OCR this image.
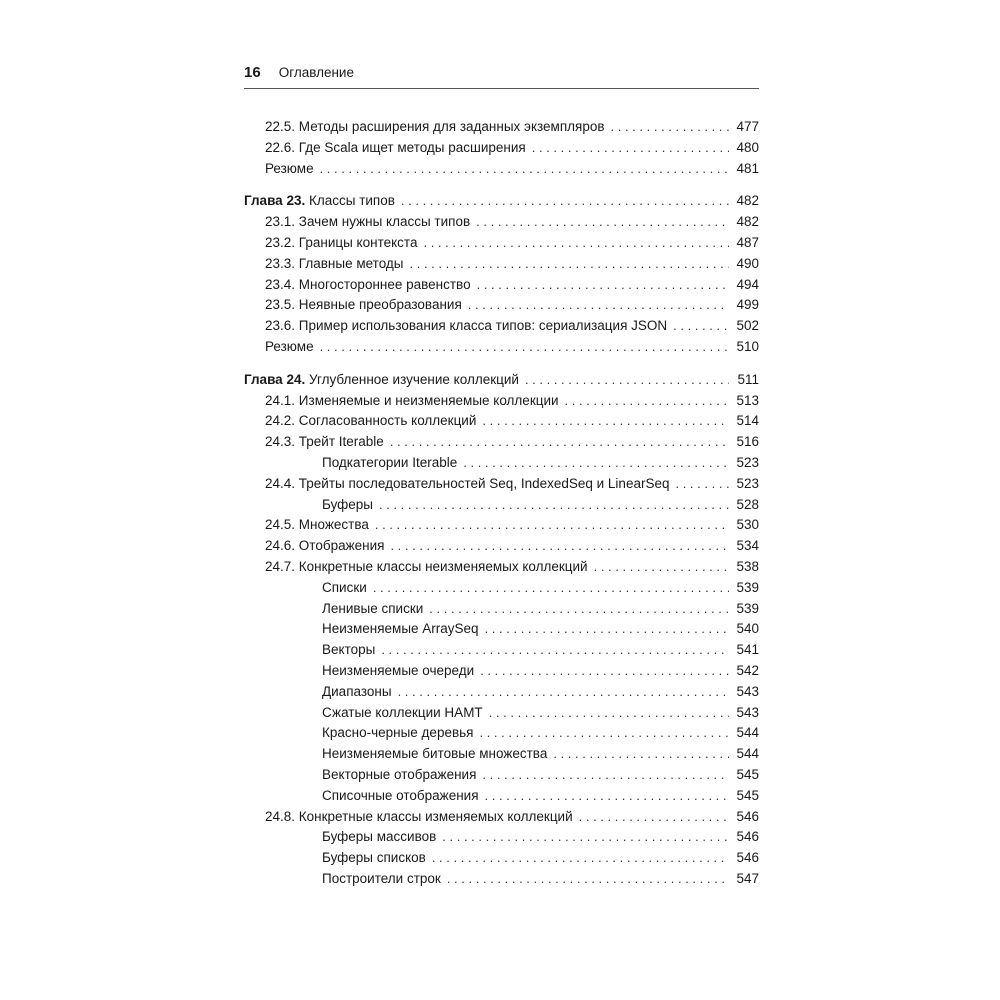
16 Оглавление
22.5. Методы расширения для заданных экземпляров . . .	477
22.6. Где Scala ищет методы расширения . . .	480
Резюме . . .	481
Глава 23. Классы типов . . .	482
23.1. Зачем нужны классы типов . . .	482
23.2. Границы контекста . . .	487
23.3. Главные методы . . .	490
23.4. Многостороннее равенство . . .	494
23.5. Неявные преобразования . . .	499
23.6. Пример использования класса типов: сериализация JSON . . .	502
Резюме . . .	510
Глава 24. Углубленное изучение коллекций . . .	511
24.1. Изменяемые и неизменяемые коллекции . . .	513
24.2. Согласованность коллекций . . .	514
24.3. Трейт Iterable . . .	516
Подкатегории Iterable . . .	523
24.4. Трейты последовательностей Seq, IndexedSeq и LinearSeq . . .	523
Буферы . . .	528
24.5. Множества . . .	530
24.6. Отображения . . .	534
24.7. Конкретные классы неизменяемых коллекций . . .	538
Списки . . .	539
Ленивые списки . . .	539
Неизменяемые ArraySeq . . .	540
Векторы . . .	541
Неизменяемые очереди . . .	542
Диапазоны . . .	543
Сжатые коллекции HAMT . . .	543
Красно-черные деревья . . .	544
Неизменяемые битовые множества . . .	544
Векторные отображения . . .	545
Списочные отображения . . .	545
24.8. Конкретные классы изменяемых коллекций . . .	546
Буферы массивов . . .	546
Буферы списков . . .	546
Построители строк . . .	547
